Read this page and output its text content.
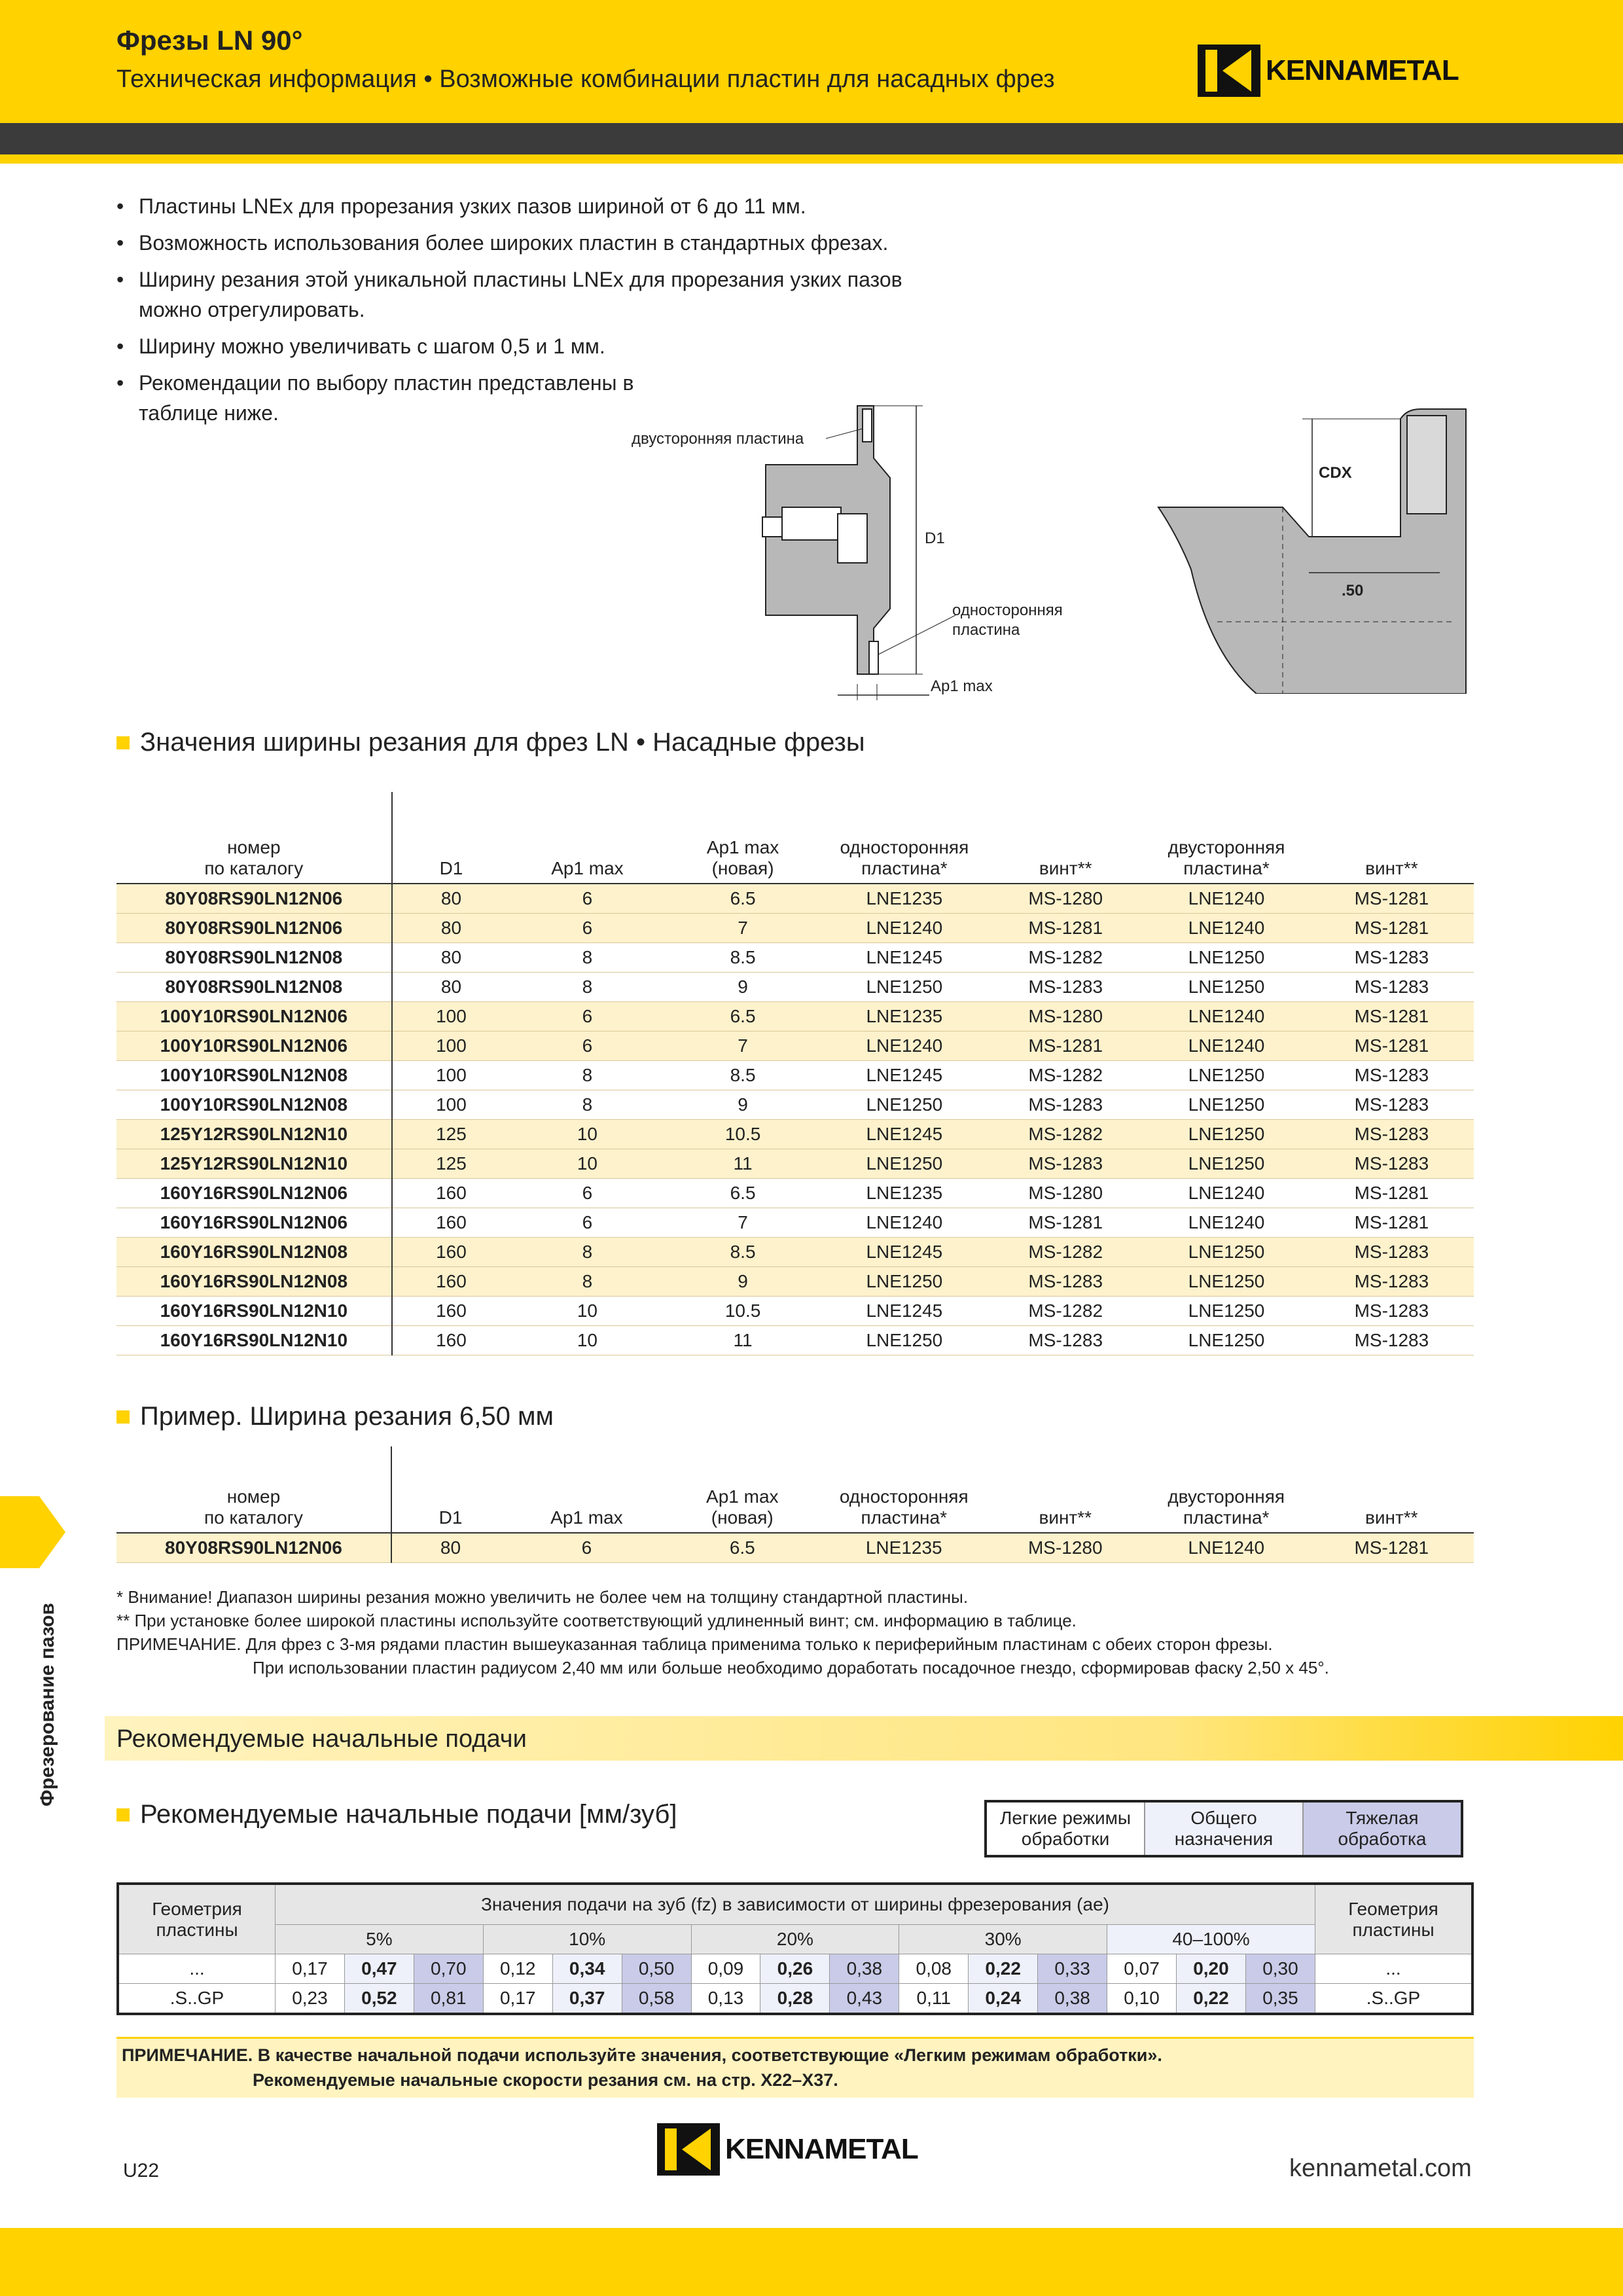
Фрезы LN 90°
Техническая информация • Возможные комбинации пластин для насадных фрез	KENNAMETAL
• Пластины LNEx для прорезания узких пазов шириной от 6 до 11 мм.
• Возможность использования более широких пластин в стандартных фрезах.
• Ширину резания этой уникальной пластины LNEx для прорезания узких пазов можно отрегулировать.
• Ширину можно увеличивать с шагом 0,5 и 1 мм.
• Рекомендации по выбору пластин представлены в таблице ниже.
двусторонняя пластина
D1
односторонняя
пластина
Ap1 max
CDX
.50
Значения ширины резания для фрез LN • Насадные фрезы
номер
по каталогу	D1	Ap1 max	Ap1 max
(новая)	односторонняя
пластина*	винт**	двусторонняя
пластина*	винт**
80Y08RS90LN12N06	80	6	6.5	LNE1235	MS-1280	LNE1240	MS-1281
80Y08RS90LN12N06	80	6	7	LNE1240	MS-1281	LNE1240	MS-1281
80Y08RS90LN12N08	80	8	8.5	LNE1245	MS-1282	LNE1250	MS-1283
80Y08RS90LN12N08	80	8	9	LNE1250	MS-1283	LNE1250	MS-1283
100Y10RS90LN12N06	100	6	6.5	LNE1235	MS-1280	LNE1240	MS-1281
100Y10RS90LN12N06	100	6	7	LNE1240	MS-1281	LNE1240	MS-1281
100Y10RS90LN12N08	100	8	8.5	LNE1245	MS-1282	LNE1250	MS-1283
100Y10RS90LN12N08	100	8	9	LNE1250	MS-1283	LNE1250	MS-1283
125Y12RS90LN12N10	125	10	10.5	LNE1245	MS-1282	LNE1250	MS-1283
125Y12RS90LN12N10	125	10	11	LNE1250	MS-1283	LNE1250	MS-1283
160Y16RS90LN12N06	160	6	6.5	LNE1235	MS-1280	LNE1240	MS-1281
160Y16RS90LN12N06	160	6	7	LNE1240	MS-1281	LNE1240	MS-1281
160Y16RS90LN12N08	160	8	8.5	LNE1245	MS-1282	LNE1250	MS-1283
160Y16RS90LN12N08	160	8	9	LNE1250	MS-1283	LNE1250	MS-1283
160Y16RS90LN12N10	160	10	10.5	LNE1245	MS-1282	LNE1250	MS-1283
160Y16RS90LN12N10	160	10	11	LNE1250	MS-1283	LNE1250	MS-1283
Пример. Ширина резания 6,50 мм
номер
по каталогу	D1	Ap1 max	Ap1 max
(новая)	односторонняя
пластина*	винт**	двусторонняя
пластина*	винт**
80Y08RS90LN12N06	80	6	6.5	LNE1235	MS-1280	LNE1240	MS-1281
* Внимание! Диапазон ширины резания можно увеличить не более чем на толщину стандартной пластины.
** При установке более широкой пластины используйте соответствующий удлиненный винт; см. информацию в таблице.
ПРИМЕЧАНИЕ. Для фрез с 3-мя рядами пластин вышеуказанная таблица применима только к периферийным пластинам с обеих сторон фрезы.
При использовании пластин радиусом 2,40 мм или больше необходимо доработать посадочное гнездо, сформировав фаску 2,50 x 45°.
Рекомендуемые начальные подачи
Рекомендуемые начальные подачи [мм/зуб]	Легкие режимы
обработки
Общего
назначения
Тяжелая
обработка
Геометрия
пластины	Значения подачи на зуб (fz) в зависимости от ширины фрезерования (ae)															Геометрия
пластины
	5%			10%			20%			30%			40–100%			
...	0,17	0,47	0,70	0,12	0,34	0,50	0,09	0,26	0,38	0,08	0,22	0,33	0,07	0,20	0,30	...
.S..GP	0,23	0,52	0,81	0,17	0,37	0,58	0,13	0,28	0,43	0,11	0,24	0,38	0,10	0,22	0,35	.S..GP
ПРИМЕЧАНИЕ. В качестве начальной подачи используйте значения, соответствующие «Легким режимам обработки».
Рекомендуемые начальные скорости резания см. на стр. X22–X37.
Фрезерование пазов
U22
KENNAMETAL
kennametal.com
